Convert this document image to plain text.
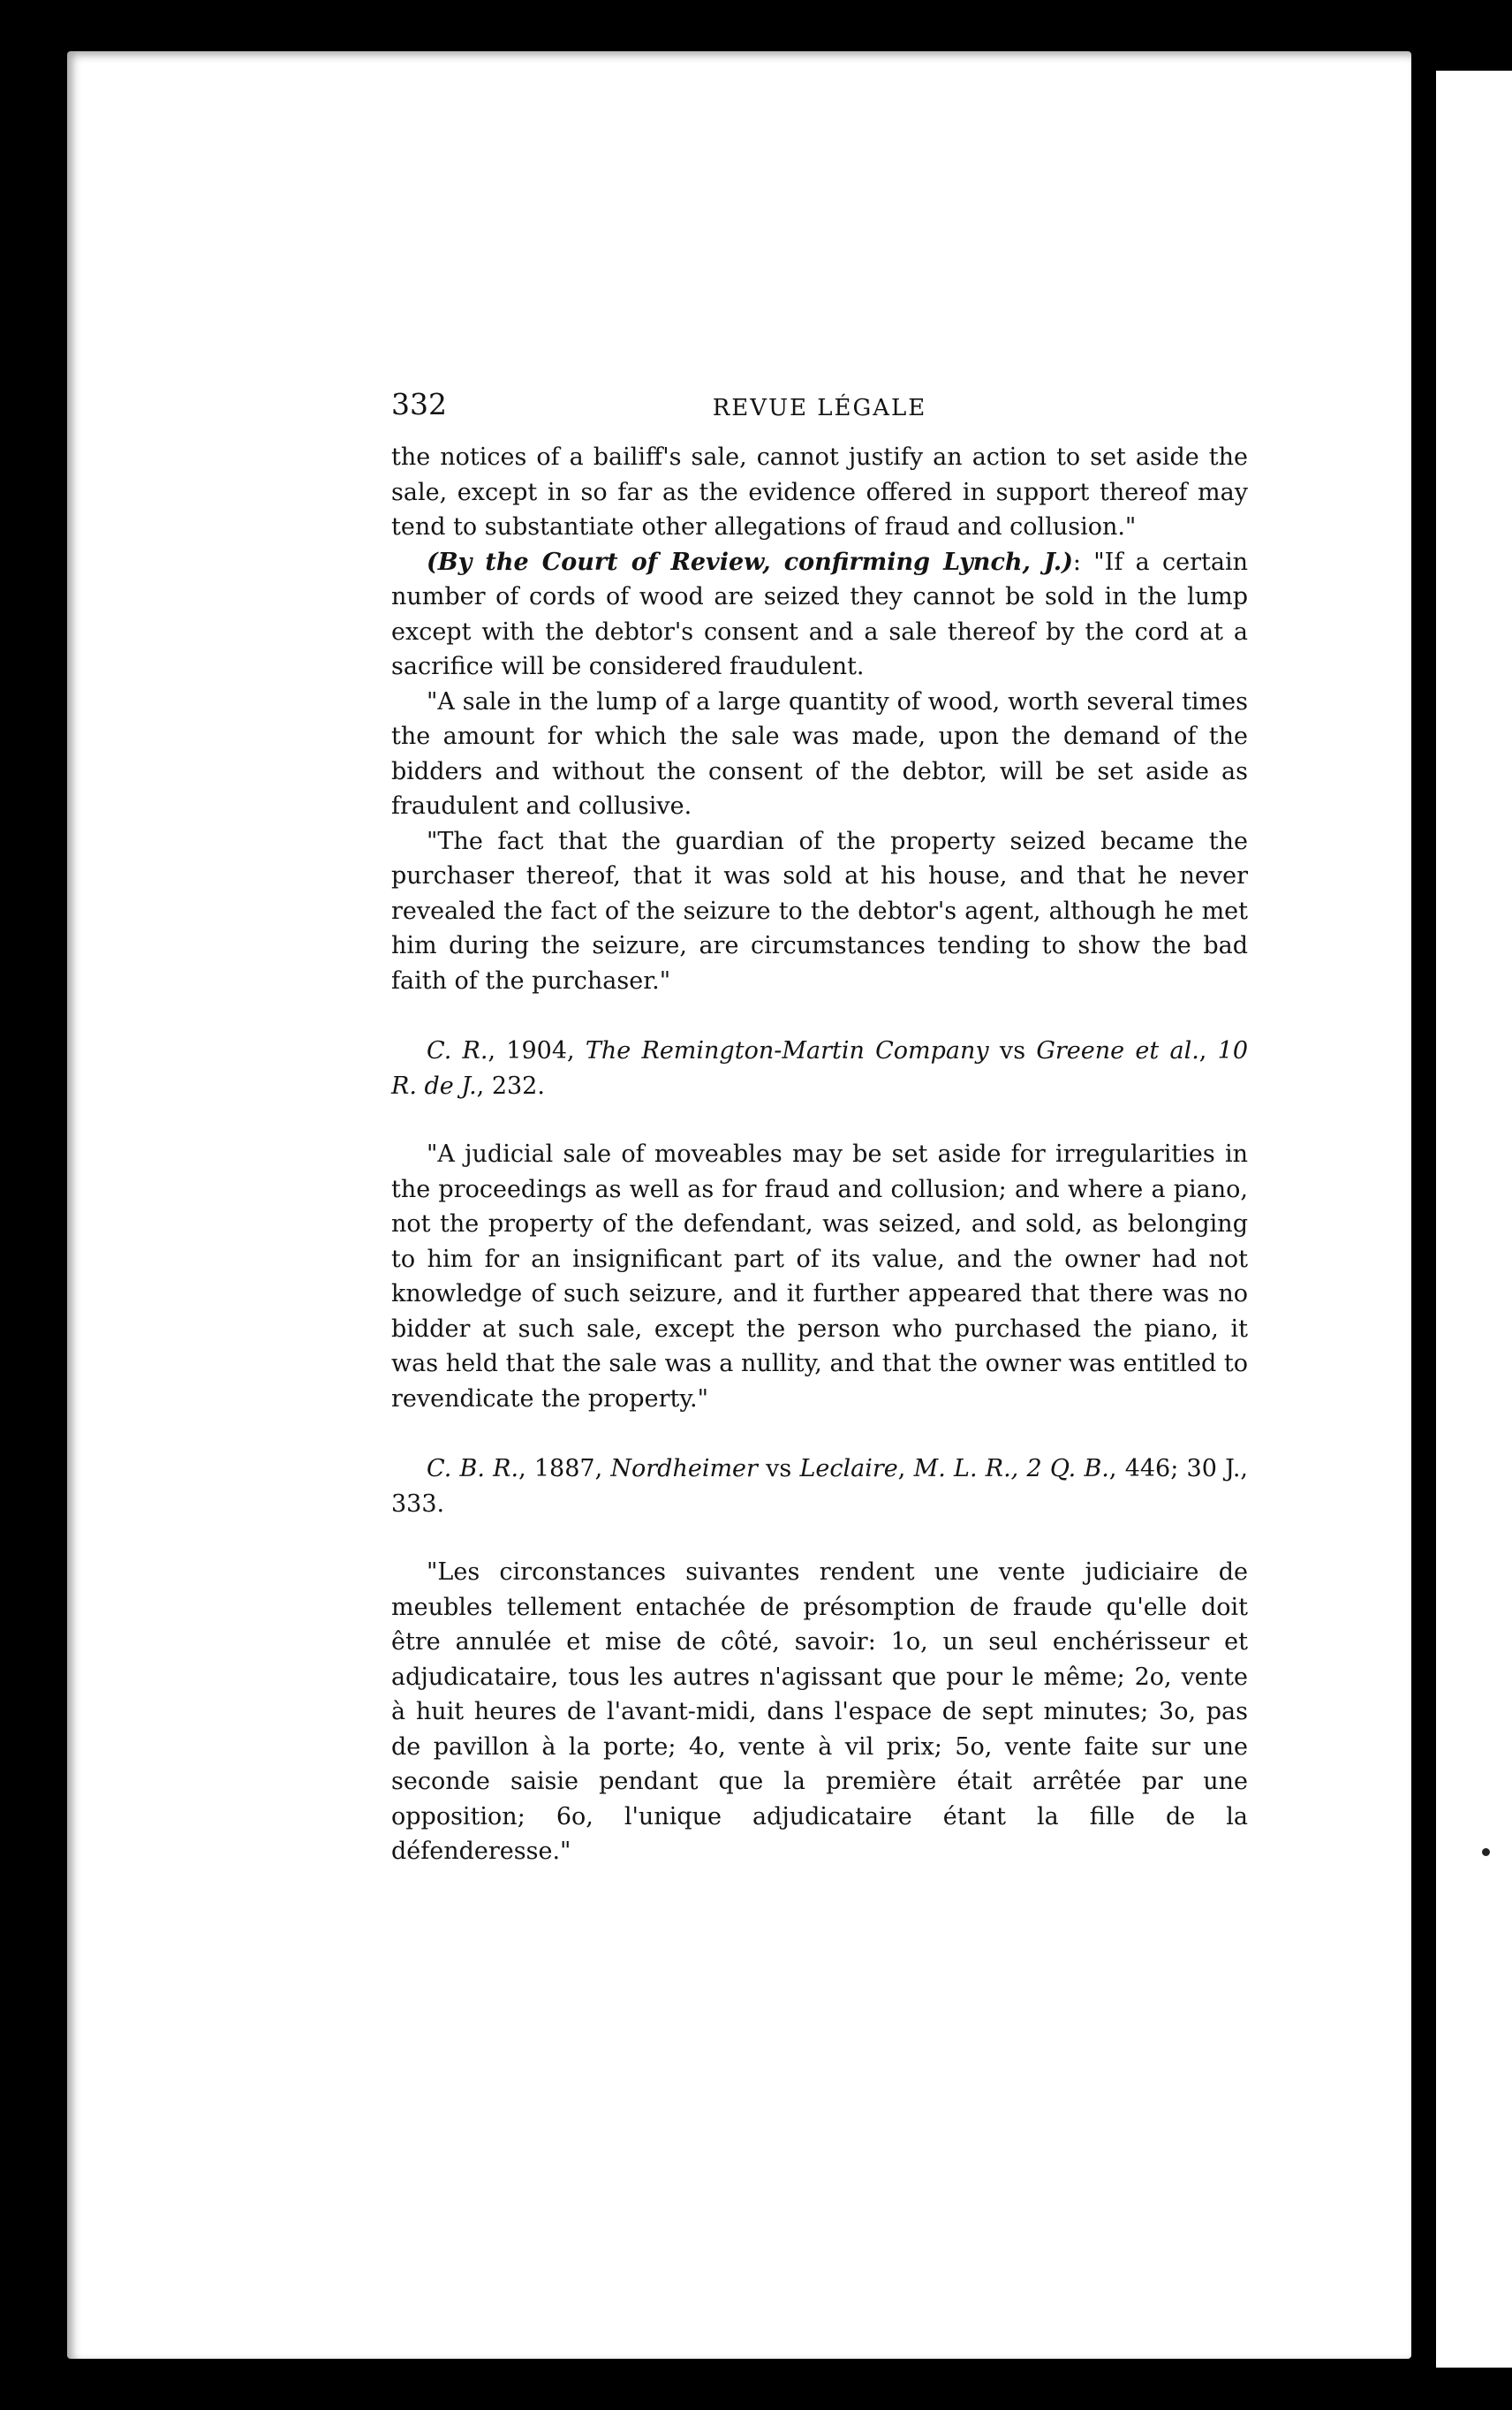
332	REVUE LÉGALE

the notices of a bailiff's sale, cannot justify an action to set aside the sale, except in so far as the evidence offered in support thereof may tend to substantiate other allegations of fraud and collusion."

(By the Court of Review, confirming Lynch, J.): "If a certain number of cords of wood are seized they cannot be sold in the lump except with the debtor's consent and a sale thereof by the cord at a sacrifice will be considered fraudulent.

"A sale in the lump of a large quantity of wood, worth several times the amount for which the sale was made, upon the demand of the bidders and without the consent of the debtor, will be set aside as fraudulent and collusive.

"The fact that the guardian of the property seized became the purchaser thereof, that it was sold at his house, and that he never revealed the fact of the seizure to the debtor's agent, although he met him during the seizure, are circumstances tending to show the bad faith of the purchaser."

C. R., 1904, The Remington-Martin Company vs Greene et al., 10 R. de J., 232.

"A judicial sale of moveables may be set aside for irregularities in the proceedings as well as for fraud and collusion; and where a piano, not the property of the defendant, was seized, and sold, as belonging to him for an insignificant part of its value, and the owner had not knowledge of such seizure, and it further appeared that there was no bidder at such sale, except the person who purchased the piano, it was held that the sale was a nullity, and that the owner was entitled to revendicate the property."

C. B. R., 1887, Nordheimer vs Leclaire, M. L. R., 2 Q. B., 446; 30 J., 333.

"Les circonstances suivantes rendent une vente judiciaire de meubles tellement entachée de présomption de fraude qu'elle doit être annulée et mise de côté, savoir: 1o, un seul enchérisseur et adjudicataire, tous les autres n'agissant que pour le même; 2o, vente à huit heures de l'avant-midi, dans l'espace de sept minutes; 3o, pas de pavillon à la porte; 4o, vente à vil prix; 5o, vente faite sur une seconde saisie pendant que la première était arrêtée par une opposition; 6o, l'unique adjudicataire étant la fille de la défenderesse."
